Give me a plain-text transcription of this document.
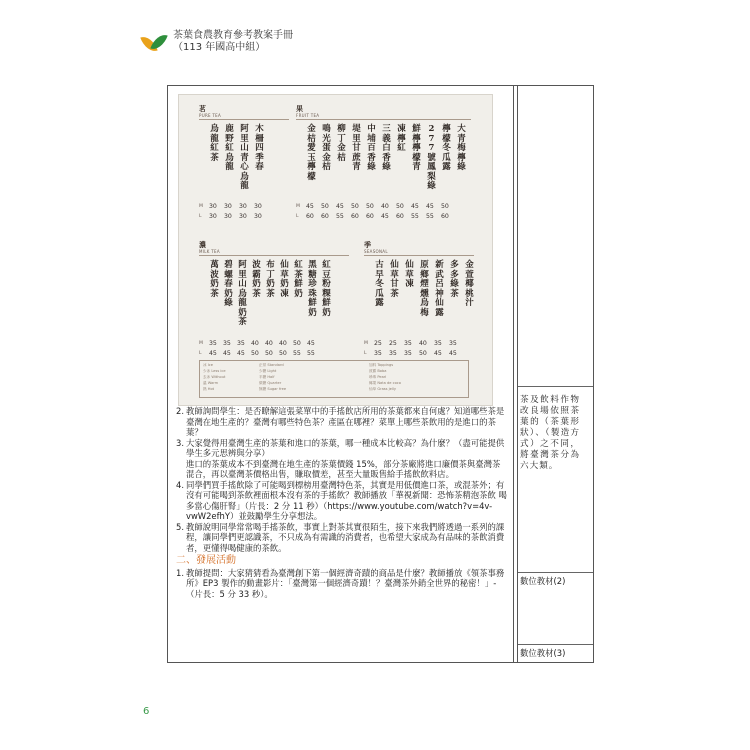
茶葉食農教育參考教案手冊
（113 年國高中組）
茗
PURE TEA
烏龍紅茶
鹿野紅烏龍
阿里山青心烏龍
木柵四季春
M
L
30 30 30 30
30 30 30 30
果
FRUIT TEA
金桔愛玉檸檬
鳴光蛋金桔
柳丁金桔
堤里甘蔗青
中埔百香綠
三義白香綠
凍檸紅
鮮檸檸檬青
277號鳳梨綠
檸檬冬瓜露
大青梅檸綠
M
L
45 50 45 50 50 40 50 45 45 50
60 60 55 60 60 45 60 55 55 60
濃
MILK TEA
萬波奶茶
碧螺春奶綠
阿里山烏龍奶茶
波霸奶茶
布丁奶茶
仙草奶凍
紅茶鮮奶
黑糖珍珠鮮奶
紅豆粉粿鮮奶
M
L
35 35 35 40 40 40 50 45
45 45 45 50 50 50 55 55
季
SEASONAL
古早冬瓜露
仙草甘茶
仙草凍
原鄉煙燻烏梅
新武呂神仙露
多多綠茶
金萱椰桃汁
M
L
25 25 35 40 35 35
35 35 35 50 45 45
冰 Ice
少冰 Less ice
去冰 Without
溫 Warm
熱 Hot
正常 Standard
少糖 Light
半糖 Half
微糖 Quarter
無糖 Sugar free
加料 Toppings
波霸 Boba
珍珠 Pearl
椰果 Nata de coco
仙草 Grass jelly
2. 教師詢問學生：是否瞭解這張菜單中的手搖飲店所用的茶葉都來自何處？知道哪些茶是臺灣在地生產的？臺灣有哪些特色茶？產區在哪裡？菜單上哪些茶飲用的是進口的茶葉？
3. 大家覺得用臺灣生產的茶葉和進口的茶葉，哪一種成本比較高？為什麼？（盡可能提供學生多元思辨與分享）
進口的茶葉成本不到臺灣在地生產的茶葉價錢 15%，部分茶廠將進口廉價茶與臺灣茶混合，再以臺灣茶價格出售，賺取價差，甚至大量販售給手搖飲飲料店。
4. 同學們買手搖飲除了可能喝到標榜用臺灣特色茶，其實是用低價進口茶，或混茶外；有沒有可能喝到茶飲裡面根本沒有茶的手搖飲？教師播放「華視新聞：恐怖茶精泡茶飲 喝多當心傷肝腎」（片長：2 分 11 秒）（https://www.youtube.com/watch?v=4v-vwW2efhY）並鼓勵學生分享想法。
5. 教師說明同學常常喝手搖茶飲，事實上對茶其實很陌生，接下來我們將透過一系列的課程，讓同學們更認識茶，不只成為有需識的消費者，也希望大家成為有品味的茶飲消費者，更懂得喝健康的茶飲。
二、發展活動
1. 教師提問：大家猜猜看為臺灣創下第一個經濟奇蹟的商品是什麼？教師播放《領茶事務所》EP3 製作的動畫影片：「臺灣第一個經濟奇蹟！？臺灣茶外銷全世界的秘密！」-（片長：5 分 33 秒）。
茶及飲料作物改良場依照茶葉的（茶葉形狀）、（製造方式）之不同，將臺灣茶分為六大類。
數位教材(2)
數位教材(3)
6
